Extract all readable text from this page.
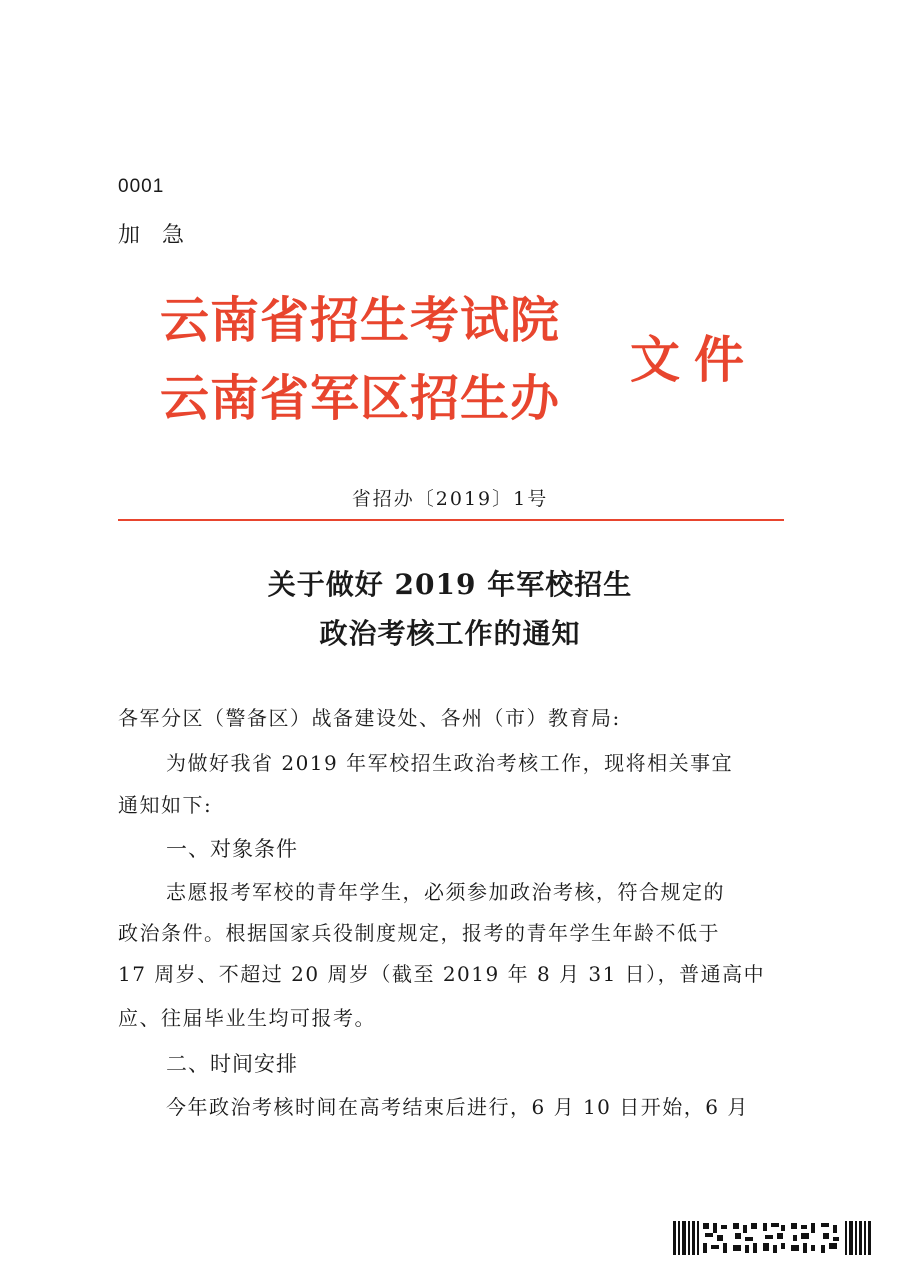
0001
加急
云南省招生考试院
云南省军区招生办
文件
省招办〔2019〕1号
关于做好 2019 年军校招生
政治考核工作的通知
各军分区（警备区）战备建设处、各州（市）教育局:
为做好我省 2019 年军校招生政治考核工作，现将相关事宜
通知如下:
一、对象条件
志愿报考军校的青年学生，必须参加政治考核，符合规定的
政治条件。根据国家兵役制度规定，报考的青年学生年龄不低于
17 周岁、不超过 20 周岁（截至 2019 年 8 月 31 日），普通高中
应、往届毕业生均可报考。
二、时间安排
今年政治考核时间在高考结束后进行，6 月 10 日开始，6 月
